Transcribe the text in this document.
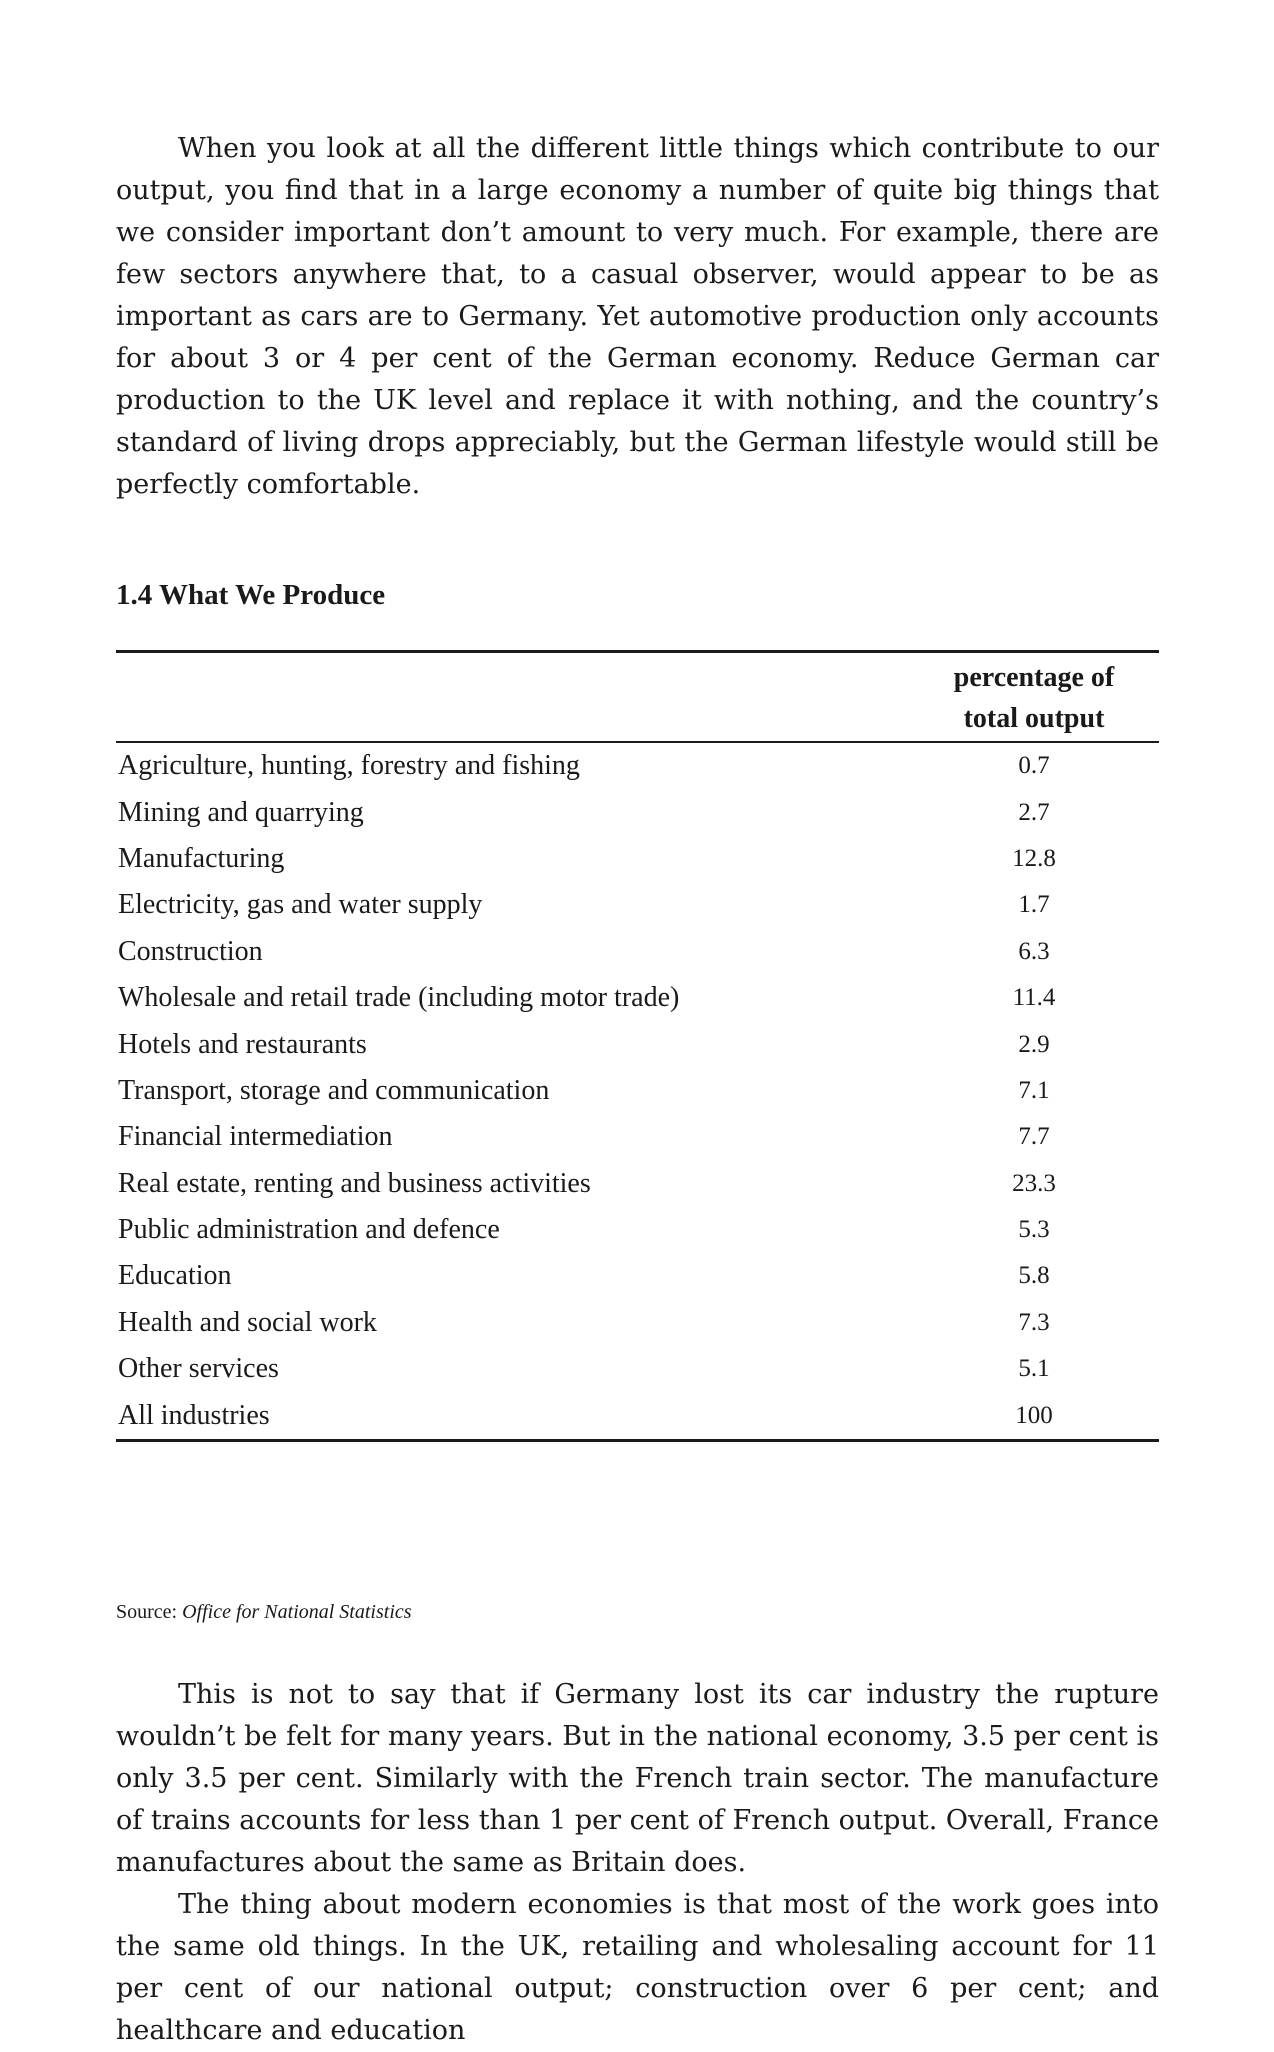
When you look at all the different little things which contribute to our output, you find that in a large economy a number of quite big things that we consider important don’t amount to very much. For example, there are few sectors anywhere that, to a casual observer, would appear to be as important as cars are to Germany. Yet automotive production only accounts for about 3 or 4 per cent of the German economy. Reduce German car production to the UK level and replace it with nothing, and the country’s standard of living drops appreciably, but the German lifestyle would still be perfectly comfortable.

1.4 What We Produce
	percentage of
total output
Agriculture, hunting, forestry and fishing	0.7
Mining and quarrying	2.7
Manufacturing	12.8
Electricity, gas and water supply	1.7
Construction	6.3
Wholesale and retail trade (including motor trade)	11.4
Hotels and restaurants	2.9
Transport, storage and communication	7.1
Financial intermediation	7.7
Real estate, renting and business activities	23.3
Public administration and defence	5.3
Education	5.8
Health and social work	7.3
Other services	5.1
All industries	100
Source: Office for National Statistics

This is not to say that if Germany lost its car industry the rupture wouldn’t be felt for many years. But in the national economy, 3.5 per cent is only 3.5 per cent. Similarly with the French train sector. The manufacture of trains accounts for less than 1 per cent of French output. Overall, France manufactures about the same as Britain does.

The thing about modern economies is that most of the work goes into the same old things. In the UK, retailing and wholesaling account for 11 per cent of our national output; construction over 6 per cent; and healthcare and education
